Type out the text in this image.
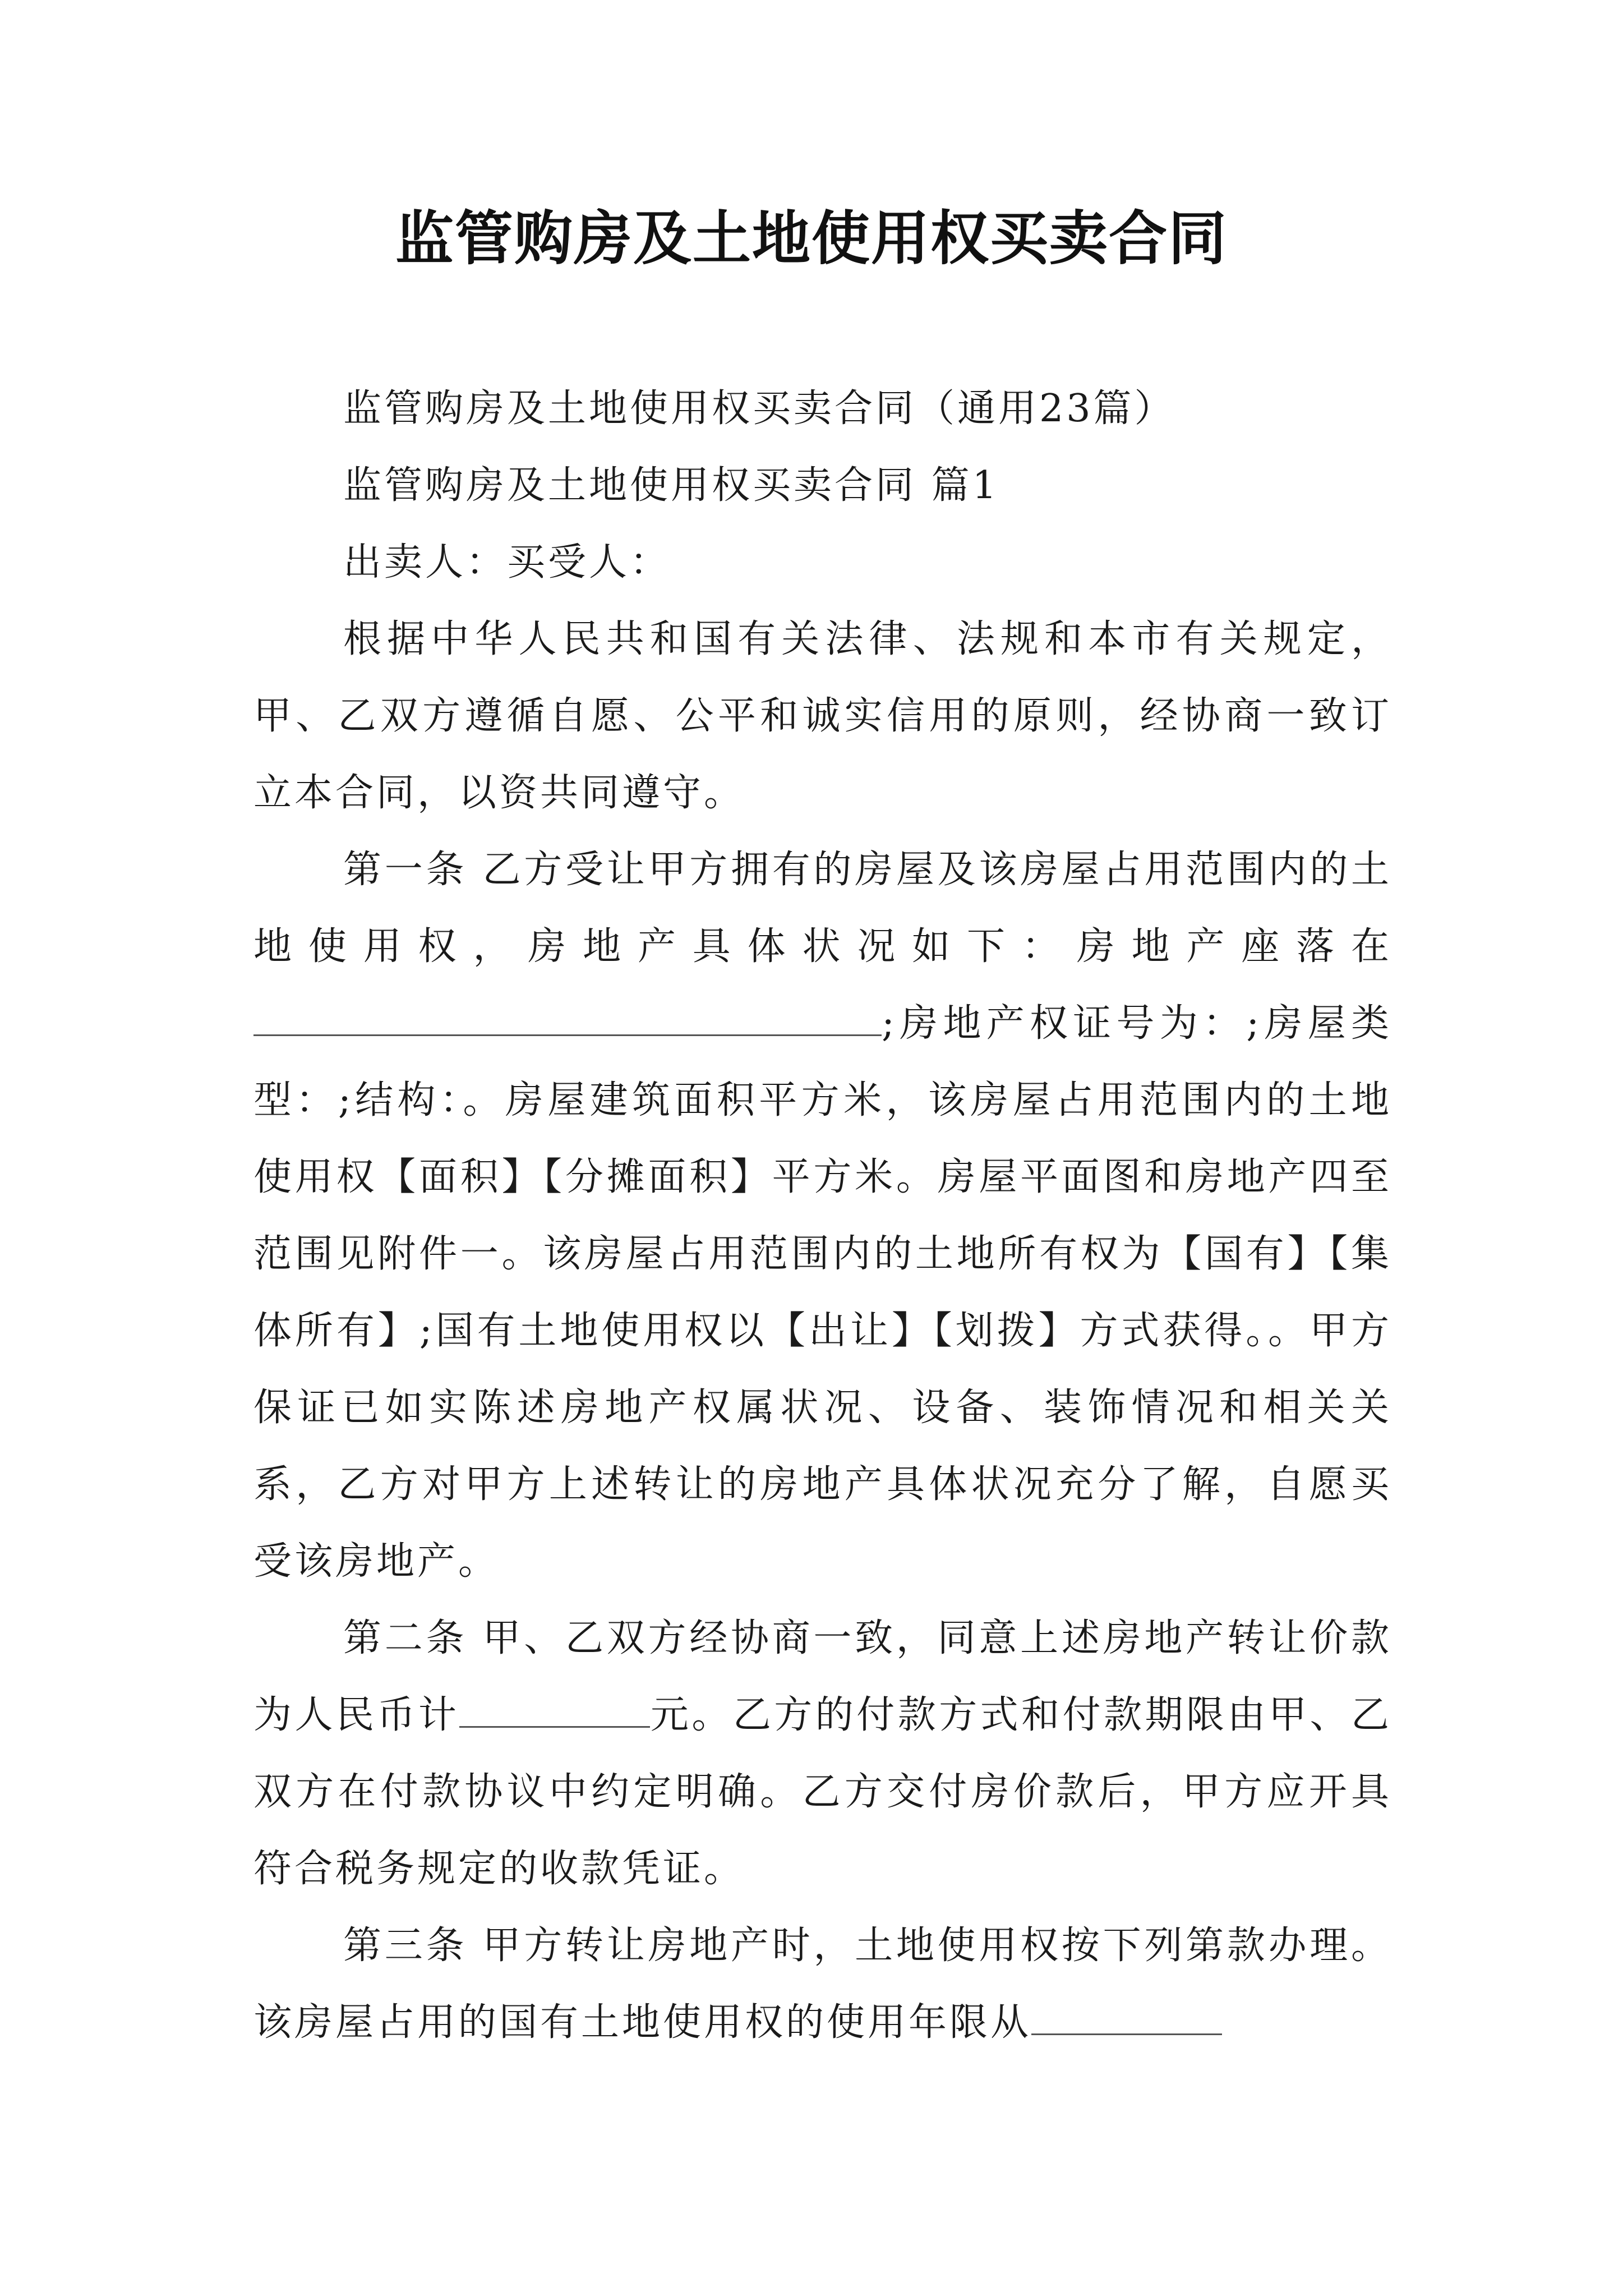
监管购房及土地使用权买卖合同

监管购房及土地使用权买卖合同（通用23篇）

监管购房及土地使用权买卖合同 篇1

出卖人：买受人：

根据中华人民共和国有关法律、法规和本市有关规定，甲、乙双方遵循自愿、公平和诚实信用的原则，经协商一致订立本合同，以资共同遵守。

第一条 乙方受让甲方拥有的房屋及该房屋占用范围内的土地使用权，房地产具体状况如下：房地产座落在;房地产权证号为：;房屋类型：;结构：。房屋建筑面积平方米，该房屋占用范围内的土地使用权【面积】【分摊面积】平方米。房屋平面图和房地产四至范围见附件一。该房屋占用范围内的土地所有权为【国有】【集体所有】;国有土地使用权以【出让】【划拨】方式获得。。甲方保证已如实陈述房地产权属状况、设备、装饰情况和相关关系，乙方对甲方上述转让的房地产具体状况充分了解，自愿买受该房地产。

第二条 甲、乙双方经协商一致，同意上述房地产转让价款为人民币计	元。乙方的付款方式和付款期限由甲、乙双方在付款协议中约定明确。乙方交付房价款后，甲方应开具符合税务规定的收款凭证。

第三条 甲方转让房地产时，土地使用权按下列第款办理。该房屋占用的国有土地使用权的使用年限从
